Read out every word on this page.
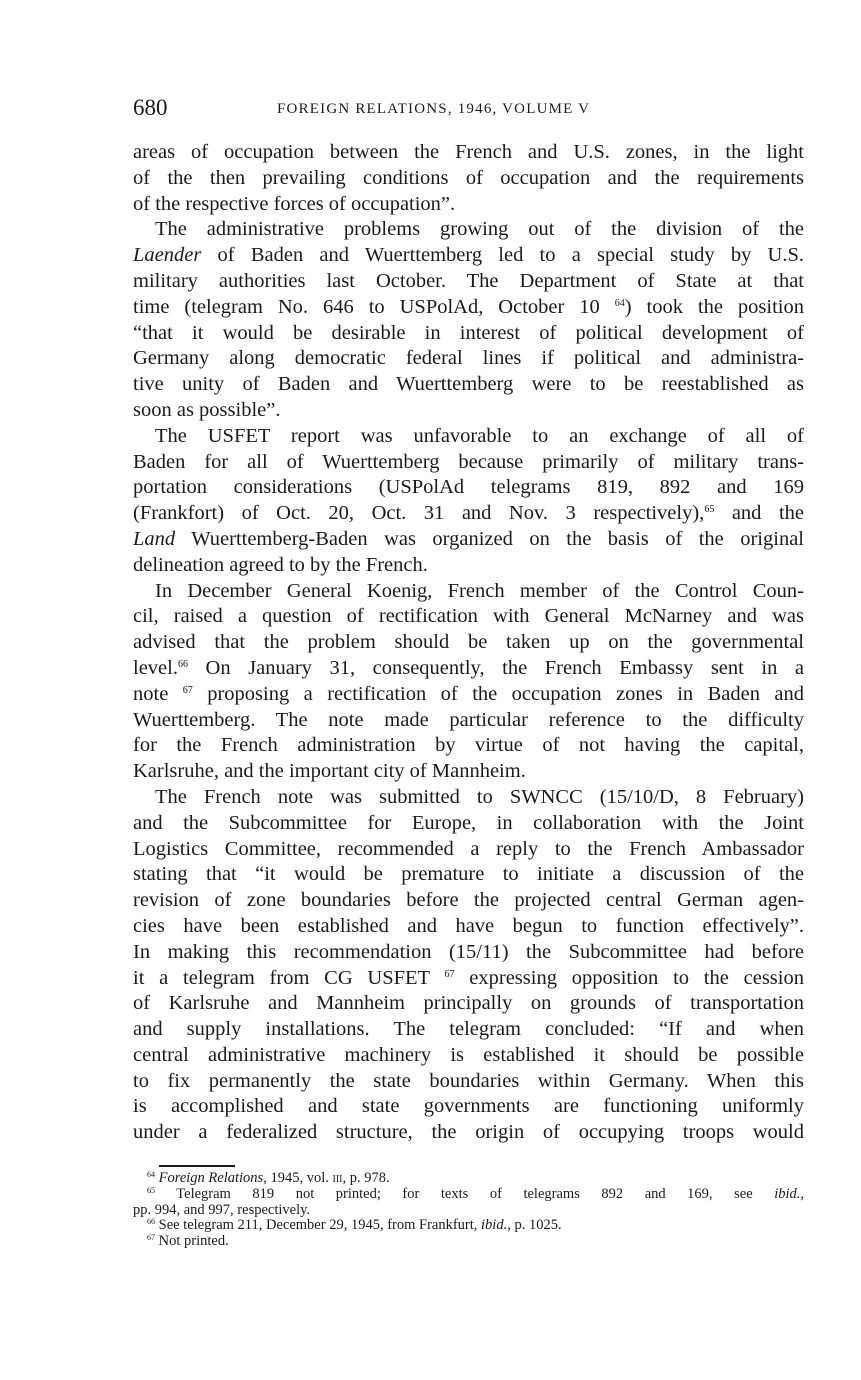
680	FOREIGN RELATIONS, 1946, VOLUME V
areas of occupation between the French and U.S. zones, in the light
of the then prevailing conditions of occupation and the requirements
of the respective forces of occupation”.
The administrative problems growing out of the division of the
Laender of Baden and Wuerttemberg led to a special study by U.S.
military authorities last October. The Department of State at that
time (telegram No. 646 to USPolAd, October 10 $^{64}$) took the position
“that it would be desirable in interest of political development of
Germany along democratic federal lines if political and administra-
tive unity of Baden and Wuerttemberg were to be reestablished as
soon as possible”.
The USFET report was unfavorable to an exchange of all of
Baden for all of Wuerttemberg because primarily of military trans-
portation considerations (USPolAd telegrams 819, 892 and 169
(Frankfort) of Oct. 20, Oct. 31 and Nov. 3 respectively),$^{65}$ and the
Land Wuerttemberg-Baden was organized on the basis of the original
delineation agreed to by the French.
In December General Koenig, French member of the Control Coun-
cil, raised a question of rectification with General McNarney and was
advised that the problem should be taken up on the governmental
level.$^{66}$ On January 31, consequently, the French Embassy sent in a
note $^{67}$ proposing a rectification of the occupation zones in Baden and
Wuerttemberg. The note made particular reference to the difficulty
for the French administration by virtue of not having the capital,
Karlsruhe, and the important city of Mannheim.
The French note was submitted to SWNCC (15/10/D, 8 February)
and the Subcommittee for Europe, in collaboration with the Joint
Logistics Committee, recommended a reply to the French Ambassador
stating that “it would be premature to initiate a discussion of the
revision of zone boundaries before the projected central German agen-
cies have been established and have begun to function effectively”.
In making this recommendation (15/11) the Subcommittee had before
it a telegram from CG USFET $^{67}$ expressing opposition to the cession
of Karlsruhe and Mannheim principally on grounds of transportation
and supply installations. The telegram concluded: “If and when
central administrative machinery is established it should be possible
to fix permanently the state boundaries within Germany. When this
is accomplished and state governments are functioning uniformly
under a federalized structure, the origin of occupying troops would
$^{64}$ Foreign Relations, 1945, vol. iii, p. 978.
$^{65}$ Telegram 819 not printed; for texts of telegrams 892 and 169, see ibid.,
pp. 994, and 997, respectively.
$^{66}$ See telegram 211, December 29, 1945, from Frankfurt, ibid., p. 1025.
$^{67}$ Not printed.
